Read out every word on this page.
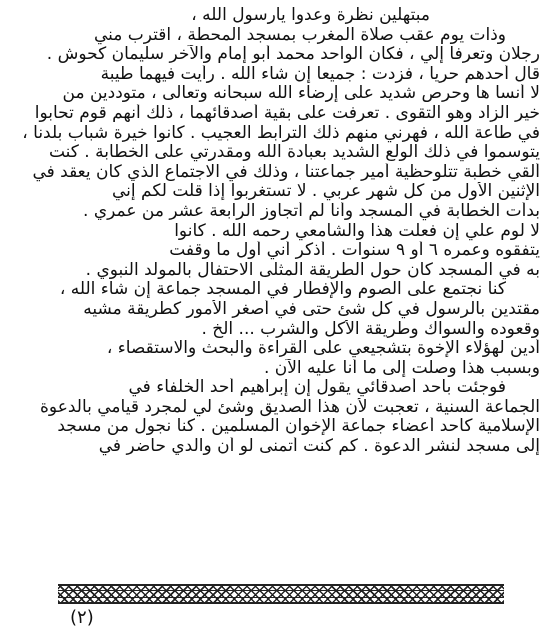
مبتهلين نظرة وعدوا يارسول الله ،
وذات يوم عقب صلاة المغرب بمسجد المحطة ، اقترب مني
رجلان وتعرفا إلي ، فكان الواحد محمد أبو إمام والآخر سليمان كحوش .
قال أحدهم حريا ، فزدت : جميعا إن شاء الله . رأيت فيهما طيبة
لا أنسا ها وحرص شديد على إرضاء الله سبحانه وتعالى ، متوددين من
خير الزاد وهو التقوى . تعرفت على بقية أصدقائهما ، ذلك أنهم قوم تحابوا
في طاعة الله ، فهرني منهم ذلك الترابط العجيب . كانوا خيرة شباب بلدنا ،
يتوسموا في ذلك الولع الشديد بعبادة الله ومقدرتي على الخطابة . كنت
ألقي خطبة تتلوحظية أمير جماعتنا ، وذلك في الاجتماع الذي كان يعقد في
الإثنين الأول من كل شهر عربي . لا تستغربوا إذا قلت لكم إني
بدأت الخطابة في المسجد وأنا لم أتجاوز الرابعة عشر من عمري .
لا لوم علي إن فعلت هذا والشامعي رحمه الله . كانوا
يتفقوه وعمره ٦ أو ٩ سنوات . أذكر أني أول ما وقفت
به في المسجد كان حول الطريقة المثلى الاحتفال بالمولد النبوي .
كنا نجتمع على الصوم والإفطار في المسجد جماعة إن شاء الله ،
مقتدين بالرسول في كل شئ حتى في أصغر الأمور كطريقة مشيه
وقعوده والسواك وطريقة الأكل والشرب ... الخ .
أدين لهؤلاء الإخوة بتشجيعي على القراءة والبحث والاستقصاء ،
وبسبب هذا وصلت إلى ما أنا عليه الآن .
فوجئت بأحد أصدقائي يقول إن إبراهيم أحد الخلفاء في
الجماعة السنية ، تعجبت لأن هذا الصديق وشئ لي لمجرد قيامي بالدعوة
الإسلامية كأحد أعضاء جماعة الإخوان المسلمين . كنا نجول من مسجد
إلى مسجد لنشر الدعوة . كم كنت أتمنى لو أن والدي حاضر في
(٢)
